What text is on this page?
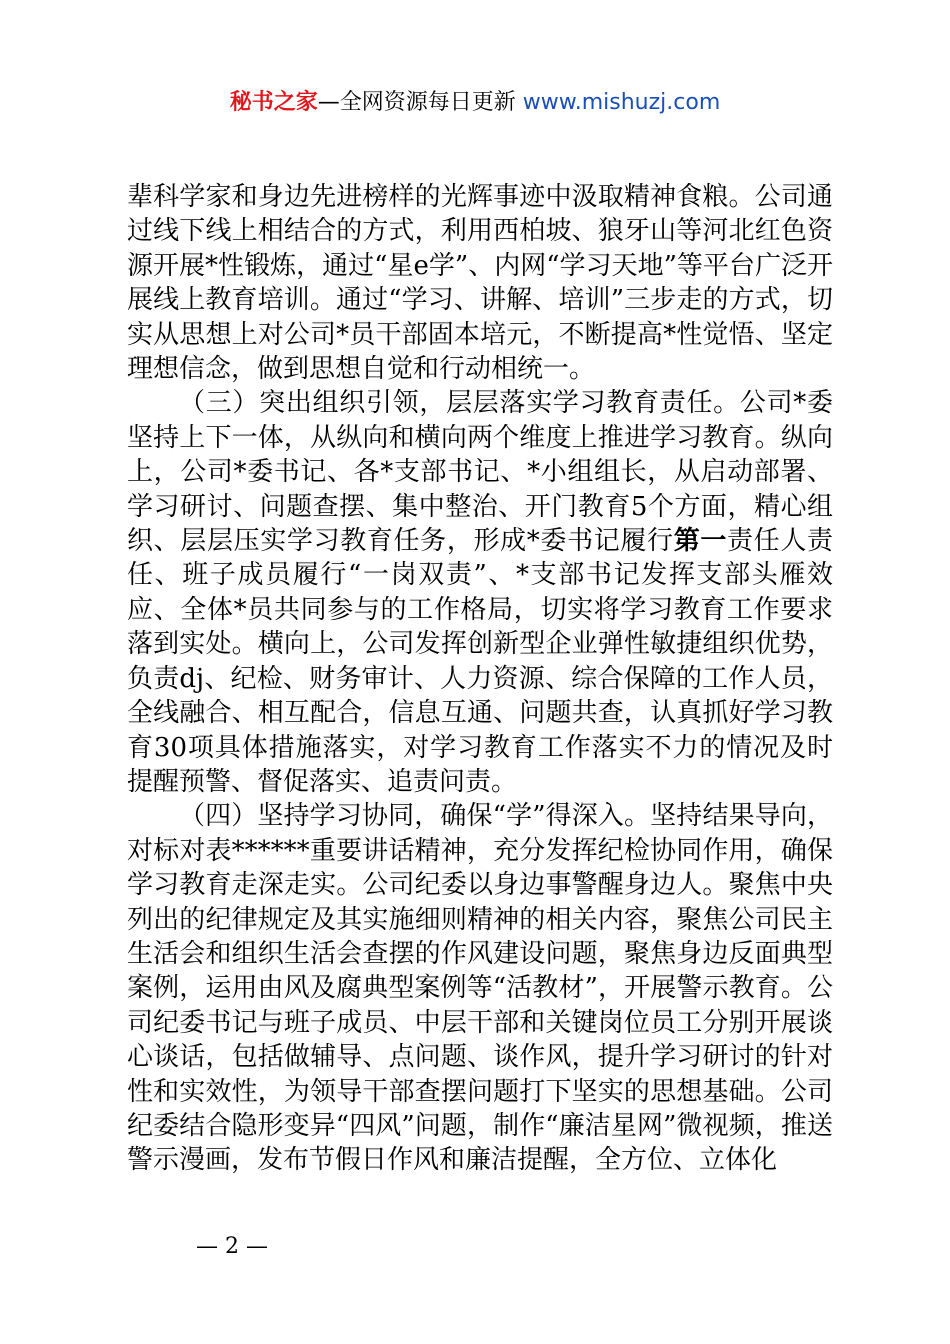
秘书之家—全网资源每日更新 www.mishuzj.com

辈科学家和身边先进榜样的光辉事迹中汲取精神食粮。公司通过线下线上相结合的方式，利用西柏坡、狼牙山等河北红色资源开展*性锻炼，通过“星e学”、内网“学习天地”等平台广泛开展线上教育培训。通过“学习、讲解、培训”三步走的方式，切实从思想上对公司*员干部固本培元，不断提高*性觉悟、坚定理想信念，做到思想自觉和行动相统一。

（三）突出组织引领，层层落实学习教育责任。公司*委坚持上下一体，从纵向和横向两个维度上推进学习教育。纵向上，公司*委书记、各*支部书记、*小组组长，从启动部署、学习研讨、问题查摆、集中整治、开门教育5个方面，精心组织、层层压实学习教育任务，形成*委书记履行第一责任人责任、班子成员履行“一岗双责”、*支部书记发挥支部头雁效应、全体*员共同参与的工作格局，切实将学习教育工作要求落到实处。横向上，公司发挥创新型企业弹性敏捷组织优势，负责dj、纪检、财务审计、人力资源、综合保障的工作人员，全线融合、相互配合，信息互通、问题共查，认真抓好学习教育30项具体措施落实，对学习教育工作落实不力的情况及时提醒预警、督促落实、追责问责。

（四）坚持学习协同，确保“学”得深入。坚持结果导向，对标对表******重要讲话精神，充分发挥纪检协同作用，确保学习教育走深走实。公司纪委以身边事警醒身边人。聚焦中央列出的纪律规定及其实施细则精神的相关内容，聚焦公司民主生活会和组织生活会查摆的作风建设问题，聚焦身边反面典型案例，运用由风及腐典型案例等“活教材”，开展警示教育。公司纪委书记与班子成员、中层干部和关键岗位员工分别开展谈心谈话，包括做辅导、点问题、谈作风，提升学习研讨的针对性和实效性，为领导干部查摆问题打下坚实的思想基础。公司纪委结合隐形变异“四风”问题，制作“廉洁星网”微视频，推送警示漫画，发布节假日作风和廉洁提醒，全方位、立体化

— 2 —
